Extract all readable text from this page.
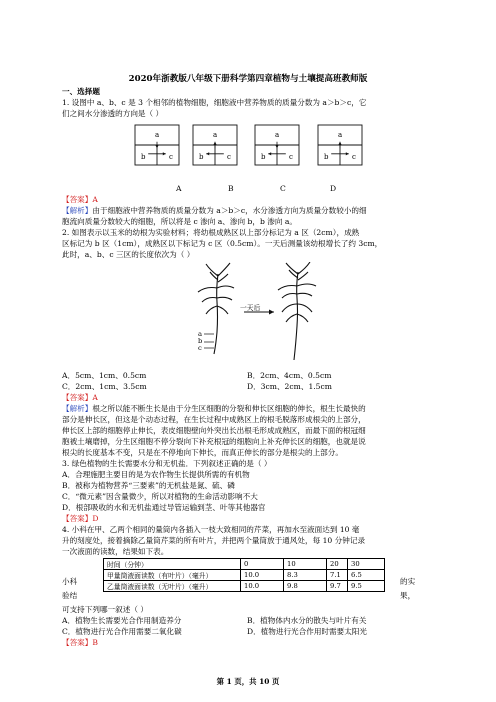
2020年浙教版八年级下册科学第四章植物与土壤提高班教师版
一、选择题
1. 设图中 a、b、c 是 3 个相邻的植物细胞，细胞液中营养物质的质量分数为 a＞b＞c，它
们之间水分渗透的方向是（ ）
a
b	c
a
b	c
a
b	c
a
b	c
A	B	C	D
【答案】A
【解析】由于细胞液中营养物质的质量分数为 a＞b＞c，水分渗透方向为质量分数较小的细
胞流向质量分数较大的细胞，所以将是 c 渗向 a、渗向 b，b 渗向 a。
2. 如图表示以玉米的幼根为实验材料；将幼根成熟区以上部分标记为 a 区（2cm），成熟
区标记为 b 区（1cm），成熟区以下标记为 c 区（0.5cm）。一天后测量该幼根增长了约 3cm，
此时，a、b、c 三区的长度依次为（ ）
一天后
a
b
c
A．5cm、1cm、0.5cm	B．2cm、4cm、0.5cm
C．2cm、1cm、3.5cm	D．3cm、2cm、1.5cm
【答案】A
【解析】根之所以能不断生长是由于分生区细胞的分裂和伸长区细胞的伸长，根生长最快的
部分是伸长区，但这是个动态过程，在生长过程中成熟区上的根毛脱落形成根尖的上部分，
伸长区上部的细胞停止伸长，表皮细胞壁向外突出长出根毛形成成熟区，而最下面的根冠细
胞被土壤磨掉，分生区细胞不停分裂向下补充根冠的细胞向上补充伸长区的细胞，也就是说
根尖的长度基本不变，只是在不停地向下伸长，而真正伸长的部分是根尖的上部分。
3. 绿色植物的生长需要水分和无机盐．下列叙述正确的是（ ）
A．合理施肥主要目的是为农作物生长提供所需的有机物
B．被称为植物营养“三要素”的无机盐是氮、硫、磷
C．“微元素”因含量微少，所以对植物的生命活动影响不大
D．根部吸收的水和无机盐通过导管运输到茎、叶等其他器官
【答案】D
4. 小科在甲、乙两个相同的量筒内各插入一枝大致相同的芹菜，再加水至液面达到 10 毫
升的刻度处，接着摘除乙量筒芹菜的所有叶片，并把两个量筒放于通风处，每 10 分钟记录
一次液面的读数，结果如下表。
小科
验结
的实
果，
时间（分钟）	0	10	20	30
甲量筒液面读数（有叶片）（毫升）	10.0	8.3	7.1	6.5
乙量筒液面读数（无叶片）（毫升）	10.0	9.8	9.7	9.5
可支持下列哪一叙述（ ）
A．植物生长需要光合作用制造养分	B．植物体内水分的散失与叶片有关
C．植物进行光合作用需要二氧化碳	D．植物进行光合作用时需要太阳光
【答案】B
第 1 页，共 10 页
